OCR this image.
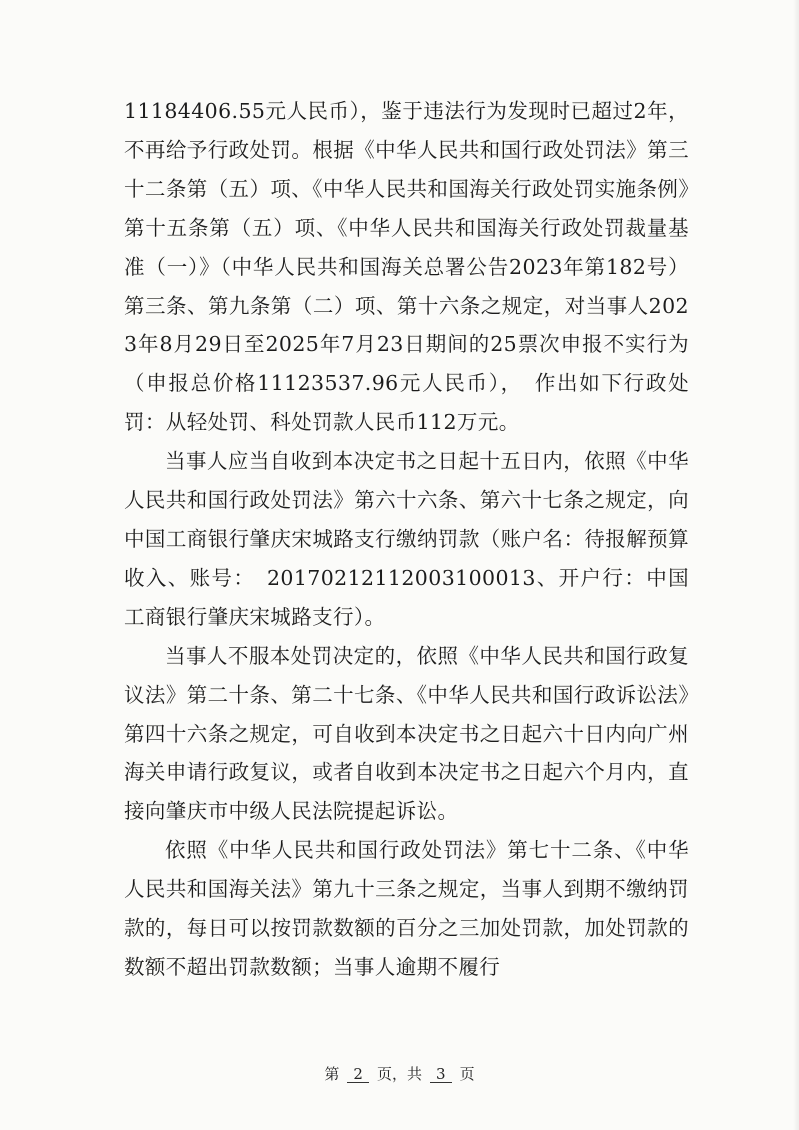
11184406.55元人民币），鉴于违法行为发现时已超过2年，不再给予行政处罚。根据《中华人民共和国行政处罚法》第三十二条第（五）项、《中华人民共和国海关行政处罚实施条例》第十五条第（五）项、《中华人民共和国海关行政处罚裁量基准（一）》（中华人民共和国海关总署公告2023年第182号）第三条、第九条第（二）项、第十六条之规定，对当事人2023年8月29日至2025年7月23日期间的25票次申报不实行为（申报总价格11123537.96元人民币），　作出如下行政处罚：从轻处罚、科处罚款人民币112万元。

当事人应当自收到本决定书之日起十五日内，依照《中华人民共和国行政处罚法》第六十六条、第六十七条之规定，向中国工商银行肇庆宋城路支行缴纳罚款（账户名：待报解预算收入、账号：　20170212112003100013、开户行：中国工商银行肇庆宋城路支行）。

当事人不服本处罚决定的，依照《中华人民共和国行政复议法》第二十条、第二十七条、《中华人民共和国行政诉讼法》第四十六条之规定，可自收到本决定书之日起六十日内向广州海关申请行政复议，或者自收到本决定书之日起六个月内，直接向肇庆市中级人民法院提起诉讼。

依照《中华人民共和国行政处罚法》第七十二条、《中华人民共和国海关法》第九十三条之规定，当事人到期不缴纳罚款的，每日可以按罚款数额的百分之三加处罚款，加处罚款的数额不超出罚款数额；当事人逾期不履行

第 2 页，共 3 页
